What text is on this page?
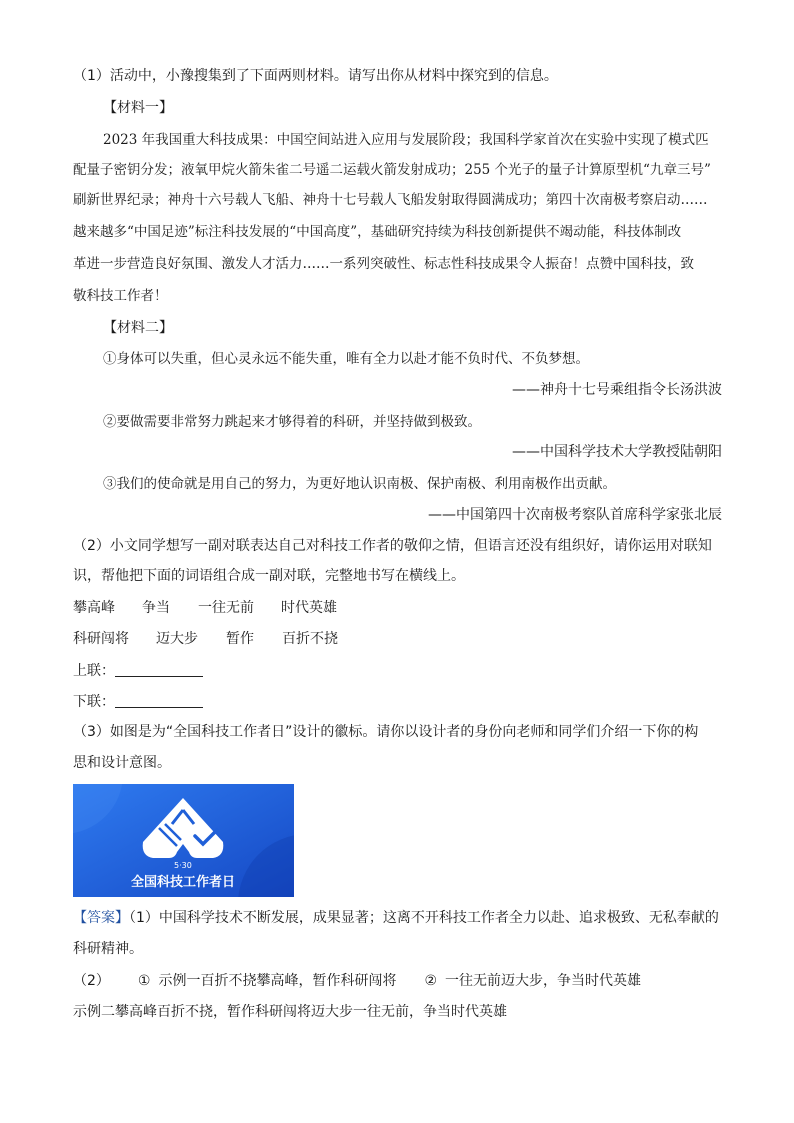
（1）活动中，小豫搜集到了下面两则材料。请写出你从材料中探究到的信息。
【材料一】
2023 年我国重大科技成果：中国空间站进入应用与发展阶段；我国科学家首次在实验中实现了模式匹
配量子密钥分发；液氧甲烷火箭朱雀二号遥二运载火箭发射成功；255 个光子的量子计算原型机“九章三号”
刷新世界纪录；神舟十六号载人飞船、神舟十七号载人飞船发射取得圆满成功；第四十次南极考察启动……
越来越多“中国足迹”标注科技发展的“中国高度”，基础研究持续为科技创新提供不竭动能，科技体制改
革进一步营造良好氛围、激发人才活力……一系列突破性、标志性科技成果令人振奋！点赞中国科技，致
敬科技工作者！
【材料二】
①身体可以失重，但心灵永远不能失重，唯有全力以赴才能不负时代、不负梦想。
——神舟十七号乘组指令长汤洪波
②要做需要非常努力跳起来才够得着的科研，并坚持做到极致。
——中国科学技术大学教授陆朝阳
③我们的使命就是用自己的努力，为更好地认识南极、保护南极、利用南极作出贡献。
——中国第四十次南极考察队首席科学家张北辰
（2）小文同学想写一副对联表达自己对科技工作者的敬仰之情，但语言还没有组织好，请你运用对联知
识，帮他把下面的词语组合成一副对联，完整地书写在横线上。
攀高峰 争当 一往无前 时代英雄
科研闯将 迈大步 暂作 百折不挠
上联：
下联：
（3）如图是为“全国科技工作者日”设计的徽标。请你以设计者的身份向老师和同学们介绍一下你的构
思和设计意图。
5·30
全国科技工作者日
【答案】（1）中国科学技术不断发展，成果显著；这离不开科技工作者全力以赴、追求极致、无私奉献的
科研精神。
（2） ① 示例一百折不挠攀高峰，暂作科研闯将 ② 一往无前迈大步，争当时代英雄
示例二攀高峰百折不挠，暂作科研闯将迈大步一往无前，争当时代英雄
